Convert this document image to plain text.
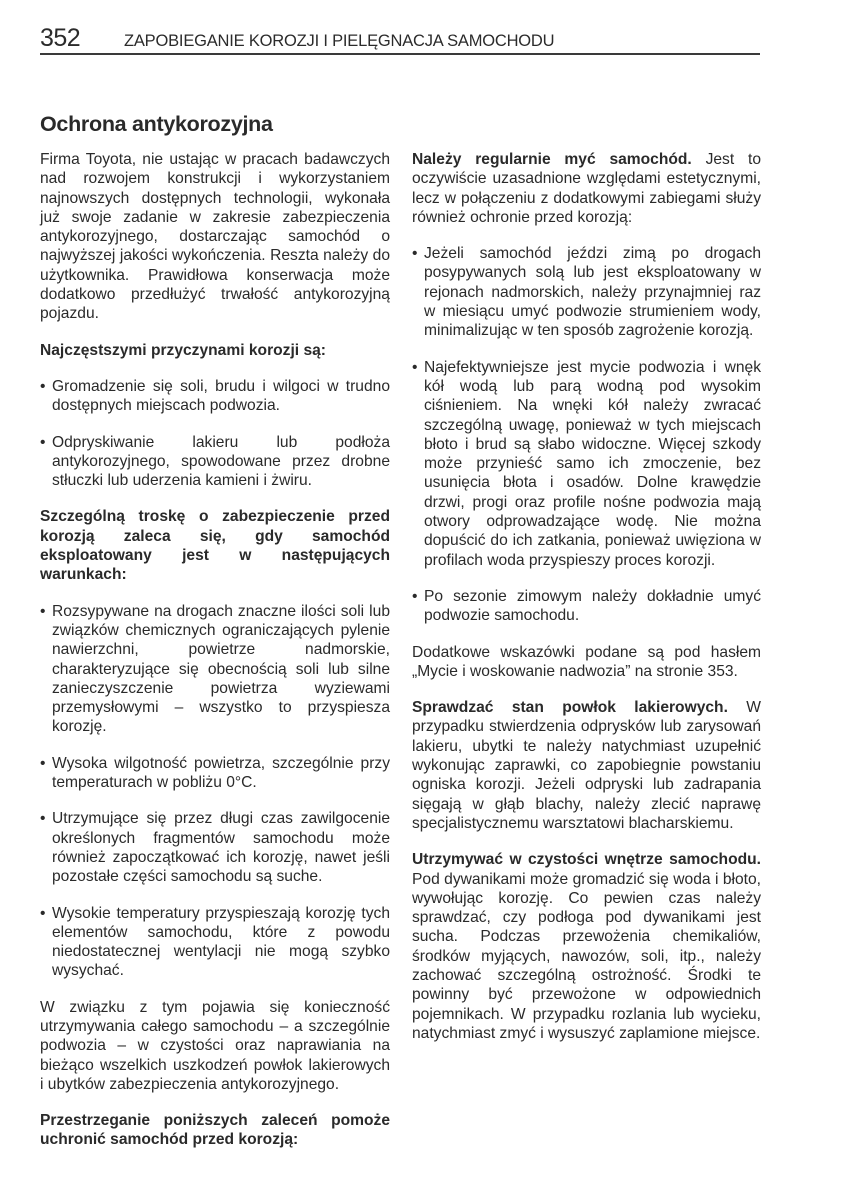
352	ZAPOBIEGANIE KOROZJI I PIELĘGNACJA SAMOCHODU
Ochrona antykorozyjna

Firma Toyota, nie ustając w pracach badawczych nad rozwojem konstrukcji i wykorzystaniem najnowszych dostępnych technologii, wykonała już swoje zadanie w zakresie zabezpieczenia antykorozyjnego, dostarczając samochód o najwyższej jakości wykończenia. Reszta należy do użytkownika. Prawidłowa konserwacja może dodatkowo przedłużyć trwałość antykorozyjną pojazdu.

Najczęstszymi przyczynami korozji są:

• Gromadzenie się soli, brudu i wilgoci w trudno dostępnych miejscach podwozia.
• Odpryskiwanie lakieru lub podłoża antykorozyjnego, spowodowane przez drobne stłuczki lub uderzenia kamieni i żwiru.

Szczególną troskę o zabezpieczenie przed korozją zaleca się, gdy samochód eksploatowany jest w następujących warunkach:

• Rozsypywane na drogach znaczne ilości soli lub związków chemicznych ograniczających pylenie nawierzchni, powietrze nadmorskie, charakteryzujące się obecnością soli lub silne zanieczyszczenie powietrza wyziewami przemysłowymi – wszystko to przyspiesza korozję.
• Wysoka wilgotność powietrza, szczególnie przy temperaturach w pobliżu 0°C.
• Utrzymujące się przez długi czas zawilgocenie określonych fragmentów samochodu może również zapoczątkować ich korozję, nawet jeśli pozostałe części samochodu są suche.
• Wysokie temperatury przyspieszają korozję tych elementów samochodu, które z powodu niedostatecznej wentylacji nie mogą szybko wysychać.

W związku z tym pojawia się konieczność utrzymywania całego samochodu – a szczególnie podwozia – w czystości oraz naprawiania na bieżąco wszelkich uszkodzeń powłok lakierowych i ubytków zabezpieczenia antykorozyjnego.

Przestrzeganie poniższych zaleceń pomoże uchronić samochód przed korozją:

Należy regularnie myć samochód. Jest to oczywiście uzasadnione względami estetycznymi, lecz w połączeniu z dodatkowymi zabiegami służy również ochronie przed korozją:

• Jeżeli samochód jeździ zimą po drogach posypywanych solą lub jest eksploatowany w rejonach nadmorskich, należy przynajmniej raz w miesiącu umyć podwozie strumieniem wody, minimalizując w ten sposób zagrożenie korozją.
• Najefektywniejsze jest mycie podwozia i wnęk kół wodą lub parą wodną pod wysokim ciśnieniem. Na wnęki kół należy zwracać szczególną uwagę, ponieważ w tych miejscach błoto i brud są słabo widoczne. Więcej szkody może przynieść samo ich zmoczenie, bez usunięcia błota i osadów. Dolne krawędzie drzwi, progi oraz profile nośne podwozia mają otwory odprowadzające wodę. Nie można dopuścić do ich zatkania, ponieważ uwięziona w profilach woda przyspieszy proces korozji.
• Po sezonie zimowym należy dokładnie umyć podwozie samochodu.

Dodatkowe wskazówki podane są pod hasłem „Mycie i woskowanie nadwozia” na stronie 353.

Sprawdzać stan powłok lakierowych. W przypadku stwierdzenia odprysków lub zarysowań lakieru, ubytki te należy natychmiast uzupełnić wykonując zaprawki, co zapobiegnie powstaniu ogniska korozji. Jeżeli odpryski lub zadrapania sięgają w głąb blachy, należy zlecić naprawę specjalistycznemu warsztatowi blacharskiemu.

Utrzymywać w czystości wnętrze samochodu. Pod dywanikami może gromadzić się woda i błoto, wywołując korozję. Co pewien czas należy sprawdzać, czy podłoga pod dywanikami jest sucha. Podczas przewożenia chemikaliów, środków myjących, nawozów, soli, itp., należy zachować szczególną ostrożność. Środki te powinny być przewożone w odpowiednich pojemnikach. W przypadku rozlania lub wycieku, natychmiast zmyć i wysuszyć zaplamione miejsce.
